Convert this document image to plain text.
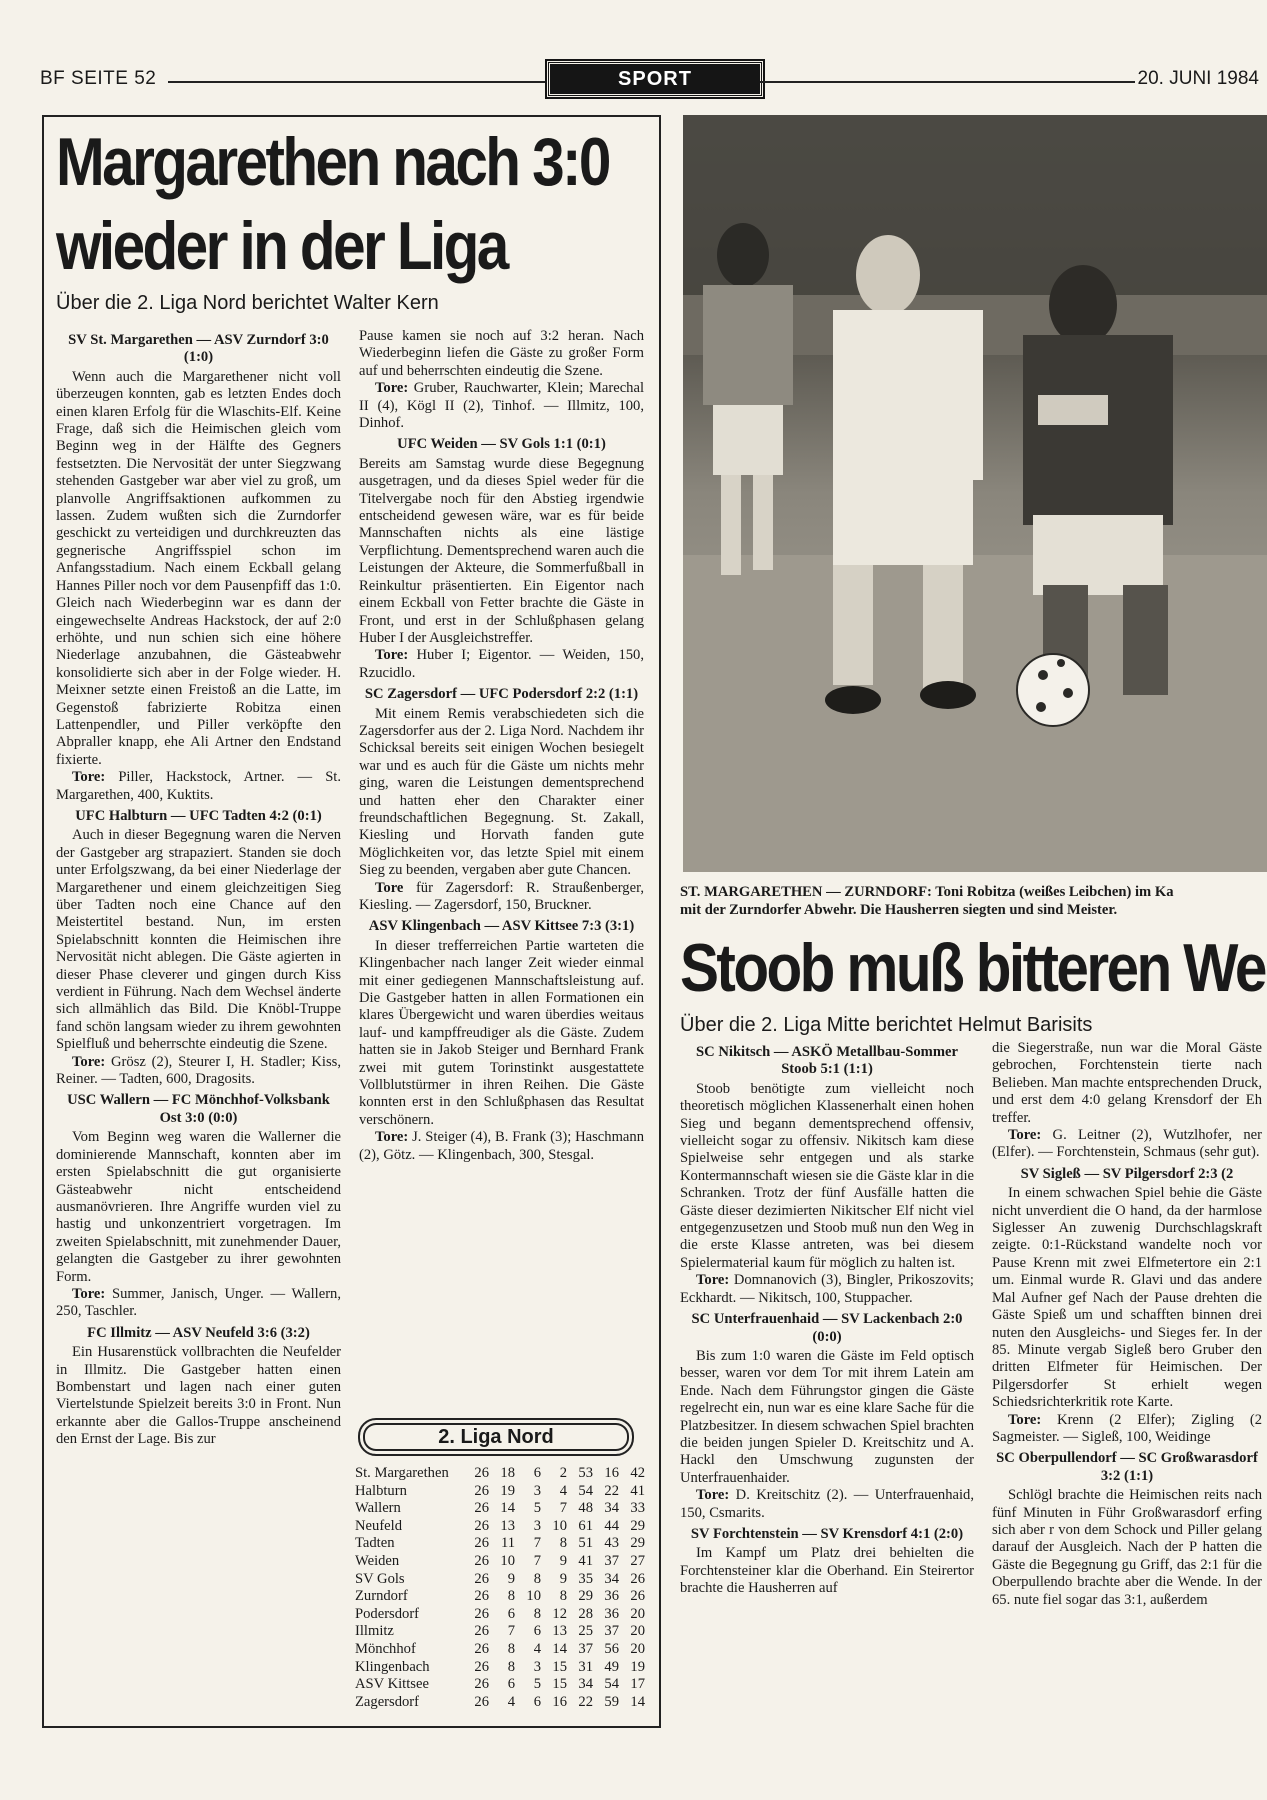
BF SEITE 52	SPORT	20. JUNI 1984
Margarethen nach 3:0
wieder in der Liga
Über die 2. Liga Nord berichtet Walter Kern

SV St. Margarethen — ASV Zurndorf 3:0 (1:0)

Wenn auch die Margarethener nicht voll überzeugen konnten, gab es letzten Endes doch einen klaren Erfolg für die Wlaschits-Elf. Keine Frage, daß sich die Heimischen gleich vom Beginn weg in der Hälfte des Gegners festsetzten. Die Nervosität der unter Siegzwang stehenden Gastgeber war aber viel zu groß, um planvolle Angriffsaktionen aufkommen zu lassen. Zudem wußten sich die Zurndorfer geschickt zu verteidigen und durchkreuzten das gegnerische Angriffsspiel schon im Anfangsstadium. Nach einem Eckball gelang Hannes Piller noch vor dem Pausenpfiff das 1:0. Gleich nach Wiederbeginn war es dann der eingewechselte Andreas Hackstock, der auf 2:0 erhöhte, und nun schien sich eine höhere Niederlage anzubahnen, die Gästeabwehr konsolidierte sich aber in der Folge wieder. H. Meixner setzte einen Freistoß an die Latte, im Gegenstoß fabrizierte Robitza einen Lattenpendler, und Piller verköpfte den Abpraller knapp, ehe Ali Artner den Endstand fixierte.

Tore: Piller, Hackstock, Artner. — St. Margarethen, 400, Kuktits.

UFC Halbturn — UFC Tadten 4:2 (0:1)

Auch in dieser Begegnung waren die Nerven der Gastgeber arg strapaziert. Standen sie doch unter Erfolgszwang, da bei einer Niederlage der Margarethener und einem gleichzeitigen Sieg über Tadten noch eine Chance auf den Meistertitel bestand. Nun, im ersten Spielabschnitt konnten die Heimischen ihre Nervosität nicht ablegen. Die Gäste agierten in dieser Phase cleverer und gingen durch Kiss verdient in Führung. Nach dem Wechsel änderte sich allmählich das Bild. Die Knöbl-Truppe fand schön langsam wieder zu ihrem gewohnten Spielfluß und beherrschte eindeutig die Szene.

Tore: Grösz (2), Steurer I, H. Stadler; Kiss, Reiner. — Tadten, 600, Dragosits.

USC Wallern — FC Mönchhof-Volksbank Ost 3:0 (0:0)

Vom Beginn weg waren die Wallerner die dominierende Mannschaft, konnten aber im ersten Spielabschnitt die gut organisierte Gästeabwehr nicht entscheidend ausmanövrieren. Ihre Angriffe wurden viel zu hastig und unkonzentriert vorgetragen. Im zweiten Spielabschnitt, mit zunehmender Dauer, gelangten die Gastgeber zu ihrer gewohnten Form.

Tore: Summer, Janisch, Unger. — Wallern, 250, Taschler.

FC Illmitz — ASV Neufeld 3:6 (3:2)

Ein Husarenstück vollbrachten die Neufelder in Illmitz. Die Gastgeber hatten einen Bombenstart und lagen nach einer guten Viertelstunde Spielzeit bereits 3:0 in Front. Nun erkannte aber die Gallos-Truppe anscheinend den Ernst der Lage. Bis zur

Pause kamen sie noch auf 3:2 heran. Nach Wiederbeginn liefen die Gäste zu großer Form auf und beherrschten eindeutig die Szene.

Tore: Gruber, Rauchwarter, Klein; Marechal II (4), Kögl II (2), Tinhof. — Illmitz, 100, Dinhof.

UFC Weiden — SV Gols 1:1 (0:1)

Bereits am Samstag wurde diese Begegnung ausgetragen, und da dieses Spiel weder für die Titelvergabe noch für den Abstieg irgendwie entscheidend gewesen wäre, war es für beide Mannschaften nichts als eine lästige Verpflichtung. Dementsprechend waren auch die Leistungen der Akteure, die Sommerfußball in Reinkultur präsentierten. Ein Eigentor nach einem Eckball von Fetter brachte die Gäste in Front, und erst in der Schlußphasen gelang Huber I der Ausgleichstreffer.

Tore: Huber I; Eigentor. — Weiden, 150, Rzucidlo.

SC Zagersdorf — UFC Podersdorf 2:2 (1:1)

Mit einem Remis verabschiedeten sich die Zagersdorfer aus der 2. Liga Nord. Nachdem ihr Schicksal bereits seit einigen Wochen besiegelt war und es auch für die Gäste um nichts mehr ging, waren die Leistungen dementsprechend und hatten eher den Charakter einer freundschaftlichen Begegnung. St. Zakall, Kiesling und Horvath fanden gute Möglichkeiten vor, das letzte Spiel mit einem Sieg zu beenden, vergaben aber gute Chancen.

Tore für Zagersdorf: R. Straußenberger, Kiesling. — Zagersdorf, 150, Bruckner.

ASV Klingenbach — ASV Kittsee 7:3 (3:1)

In dieser trefferreichen Partie warteten die Klingenbacher nach langer Zeit wieder einmal mit einer gediegenen Mannschaftsleistung auf. Die Gastgeber hatten in allen Formationen ein klares Übergewicht und waren überdies weitaus lauf- und kampffreudiger als die Gäste. Zudem hatten sie in Jakob Steiger und Bernhard Frank zwei mit gutem Torinstinkt ausgestattete Vollblutstürmer in ihren Reihen. Die Gäste konnten erst in den Schlußphasen das Resultat verschönern.

Tore: J. Steiger (4), B. Frank (3); Haschmann (2), Götz. — Klingenbach, 300, Stesgal.

2. Liga Nord
St. Margarethen	26	18	6	2	53	16	42
Halbturn	26	19	3	4	54	22	41
Wallern	26	14	5	7	48	34	33
Neufeld	26	13	3	10	61	44	29
Tadten	26	11	7	8	51	43	29
Weiden	26	10	7	9	41	37	27
SV Gols	26	9	8	9	35	34	26
Zurndorf	26	8	10	8	29	36	26
Podersdorf	26	6	8	12	28	36	20
Illmitz	26	7	6	13	25	37	20
Mönchhof	26	8	4	14	37	56	20
Klingenbach	26	8	3	15	31	49	19
ASV Kittsee	26	6	5	15	34	54	17
Zagersdorf	26	4	6	16	22	59	14
ST. MARGARETHEN — ZURNDORF: Toni Robitza (weißes Leibchen) im Ka
mit der Zurndorfer Abwehr. Die Hausherren siegten und sind Meister.
Stoob muß bitteren We
Über die 2. Liga Mitte berichtet Helmut Barisits

SC Nikitsch — ASKÖ Metallbau-Sommer Stoob 5:1 (1:1)

Stoob benötigte zum vielleicht noch theoretisch möglichen Klassenerhalt einen hohen Sieg und begann dementsprechend offensiv, vielleicht sogar zu offensiv. Nikitsch kam diese Spielweise sehr entgegen und als starke Kontermannschaft wiesen sie die Gäste klar in die Schranken. Trotz der fünf Ausfälle hatten die Gäste dieser dezimierten Nikitscher Elf nicht viel entgegenzusetzen und Stoob muß nun den Weg in die erste Klasse antreten, was bei diesem Spielermaterial kaum für möglich zu halten ist.

Tore: Domnanovich (3), Bingler, Prikoszovits; Eckhardt. — Nikitsch, 100, Stuppacher.

SC Unterfrauenhaid — SV Lackenbach 2:0 (0:0)

Bis zum 1:0 waren die Gäste im Feld optisch besser, waren vor dem Tor mit ihrem Latein am Ende. Nach dem Führungstor gingen die Gäste regelrecht ein, nun war es eine klare Sache für die Platzbesitzer. In diesem schwachen Spiel brachten die beiden jungen Spieler D. Kreitschitz und A. Hackl den Umschwung zugunsten der Unterfrauenhaider.

Tore: D. Kreitschitz (2). — Unterfrauenhaid, 150, Csmarits.

SV Forchtenstein — SV Krensdorf 4:1 (2:0)

Im Kampf um Platz drei behielten die Forchtensteiner klar die Oberhand. Ein Steirertor brachte die Hausherren auf

die Siegerstraße, nun war die Moral Gäste gebrochen, Forchtenstein tierte nach Belieben. Man machte entsprechenden Druck, und erst dem 4:0 gelang Krensdorf der Eh treffer.

Tore: G. Leitner (2), Wutzlhofer, ner (Elfer). — Forchtenstein, Schmaus (sehr gut).

SV Sigleß — SV Pilgersdorf 2:3 (2

In einem schwachen Spiel behie die Gäste nicht unverdient die O hand, da der harmlose Siglesser An zuwenig Durchschlagskraft zeigte. 0:1-Rückstand wandelte noch vor Pause Krenn mit zwei Elfmetertore ein 2:1 um. Einmal wurde R. Glavi und das andere Mal Aufner gef Nach der Pause drehten die Gäste Spieß um und schafften binnen drei nuten den Ausgleichs- und Sieges fer. In der 85. Minute vergab Sigleß bero Gruber den dritten Elfmeter für Heimischen. Der Pilgersdorfer St erhielt wegen Schiedsrichterkritik rote Karte.

Tore: Krenn (2 Elfer); Zigling (2 Sagmeister. — Sigleß, 100, Weidinge

SC Oberpullendorf — SC Großwarasdorf 3:2 (1:1)

Schlögl brachte die Heimischen reits nach fünf Minuten in Führ Großwarasdorf erfing sich aber r von dem Schock und Piller gelang darauf der Ausgleich. Nach der P hatten die Gäste die Begegnung gu Griff, das 2:1 für die Oberpullendo brachte aber die Wende. In der 65. nute fiel sogar das 3:1, außerdem
